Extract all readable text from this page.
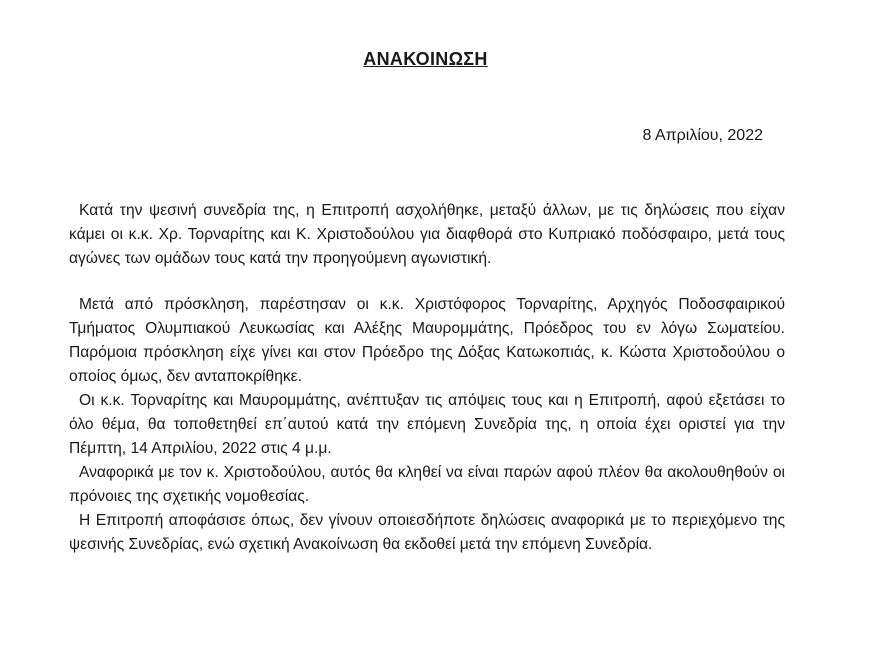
ΑΝΑΚΟΙΝΩΣΗ
8 Απριλίου, 2022

Κατά την ψεσινή συνεδρία της, η Επιτροπή ασχολήθηκε, μεταξύ άλλων, με τις δηλώσεις που είχαν κάμει οι κ.κ. Χρ. Τορναρίτης και Κ. Χριστοδούλου για διαφθορά στο Κυπριακό ποδόσφαιρο, μετά τους αγώνες των ομάδων τους κατά την προηγούμενη αγωνιστική.

Μετά από πρόσκληση, παρέστησαν οι κ.κ. Χριστόφορος Τορναρίτης, Αρχηγός Ποδοσφαιρικού Τμήματος Ολυμπιακού Λευκωσίας και Αλέξης Μαυρομμάτης, Πρόεδρος του εν λόγω Σωματείου. Παρόμοια πρόσκληση είχε γίνει και στον Πρόεδρο της Δόξας Κατωκοπιάς, κ. Κώστα Χριστοδούλου ο οποίος όμως, δεν ανταποκρίθηκε.

Οι κ.κ. Τορναρίτης και Μαυρομμάτης, ανέπτυξαν τις απόψεις τους και η Επιτροπή, αφού εξετάσει το όλο θέμα, θα τοποθετηθεί επ΄αυτού κατά την επόμενη Συνεδρία της, η οποία έχει οριστεί για την Πέμπτη, 14 Απριλίου, 2022 στις 4 μ.μ.

Αναφορικά με τον κ. Χριστοδούλου, αυτός θα κληθεί να είναι παρών αφού πλέον θα ακολουθηθούν οι πρόνοιες της σχετικής νομοθεσίας.

Η Επιτροπή αποφάσισε όπως, δεν γίνουν οποιεσδήποτε δηλώσεις αναφορικά με το περιεχόμενο της ψεσινής Συνεδρίας, ενώ σχετική Ανακοίνωση θα εκδοθεί μετά την επόμενη Συνεδρία.
